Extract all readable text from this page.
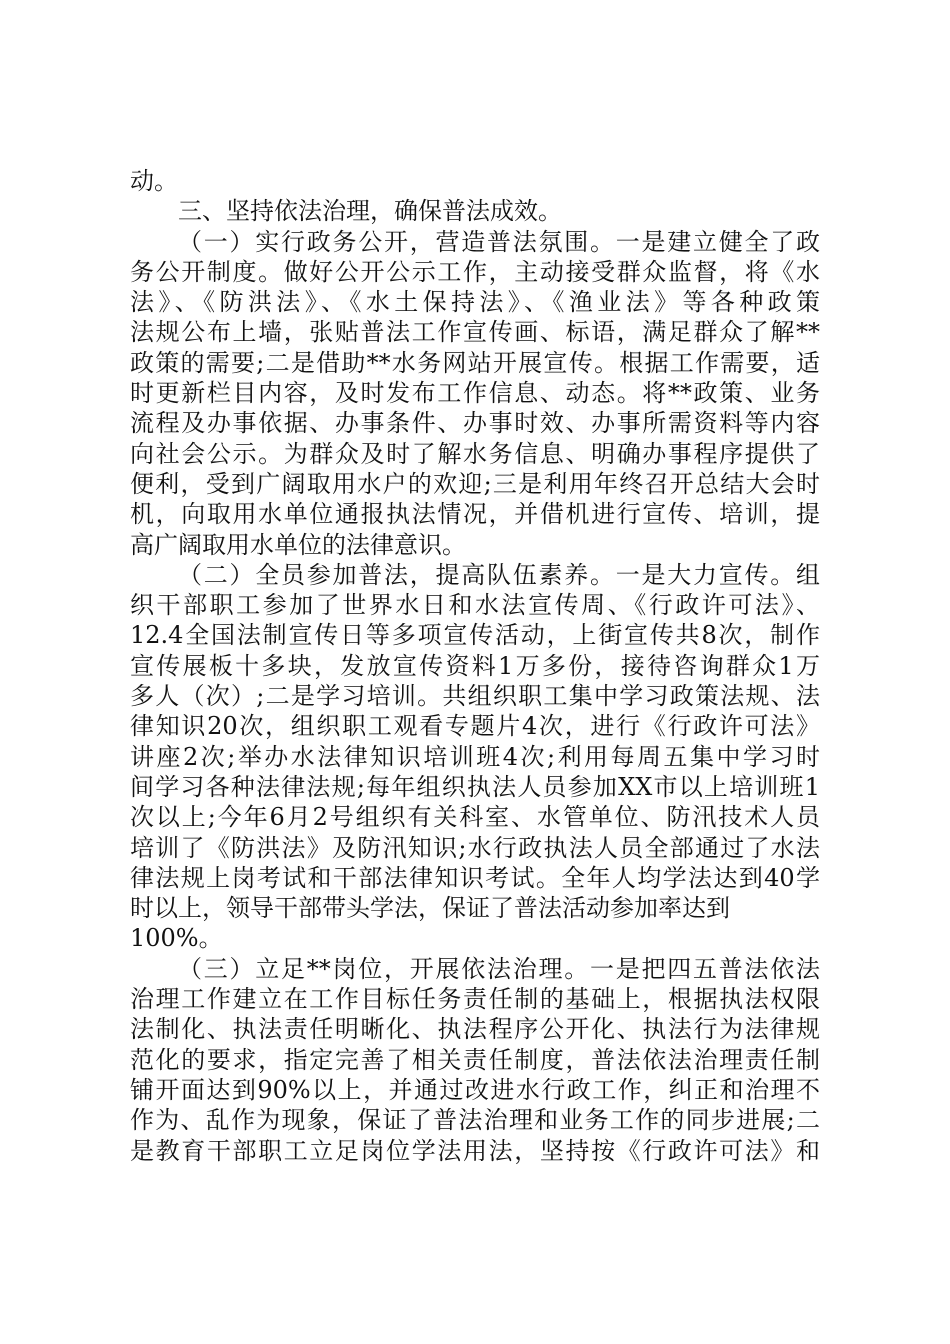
动。
三、坚持依法治理，确保普法成效。
（一）实行政务公开，营造普法氛围。一是建立健全了政
务公开制度。做好公开公示工作，主动接受群众监督，将《水
法》、《防洪法》、《水土保持法》、《渔业法》等各种政策
法规公布上墙，张贴普法工作宣传画、标语，满足群众了解**
政策的需要;二是借助**水务网站开展宣传。根据工作需要，适
时更新栏目内容，及时发布工作信息、动态。将**政策、业务
流程及办事依据、办事条件、办事时效、办事所需资料等内容
向社会公示。为群众及时了解水务信息、明确办事程序提供了
便利，受到广阔取用水户的欢迎;三是利用年终召开总结大会时
机，向取用水单位通报执法情况，并借机进行宣传、培训，提
高广阔取用水单位的法律意识。
（二）全员参加普法，提高队伍素养。一是大力宣传。组
织干部职工参加了世界水日和水法宣传周、《行政许可法》、
12.4全国法制宣传日等多项宣传活动，上街宣传共8次，制作
宣传展板十多块，发放宣传资料1万多份，接待咨询群众1万
多人（次）;二是学习培训。共组织职工集中学习政策法规、法
律知识20次，组织职工观看专题片4次，进行《行政许可法》
讲座2次;举办水法律知识培训班4次;利用每周五集中学习时
间学习各种法律法规;每年组织执法人员参加XX市以上培训班1
次以上;今年6月2号组织有关科室、水管单位、防汛技术人员
培训了《防洪法》及防汛知识;水行政执法人员全部通过了水法
律法规上岗考试和干部法律知识考试。全年人均学法达到40学
时以上，领导干部带头学法，保证了普法活动参加率达到
100%。
（三）立足**岗位，开展依法治理。一是把四五普法依法
治理工作建立在工作目标任务责任制的基础上，根据执法权限
法制化、执法责任明晰化、执法程序公开化、执法行为法律规
范化的要求，指定完善了相关责任制度，普法依法治理责任制
铺开面达到90%以上，并通过改进水行政工作，纠正和治理不
作为、乱作为现象，保证了普法治理和业务工作的同步进展;二
是教育干部职工立足岗位学法用法，坚持按《行政许可法》和
